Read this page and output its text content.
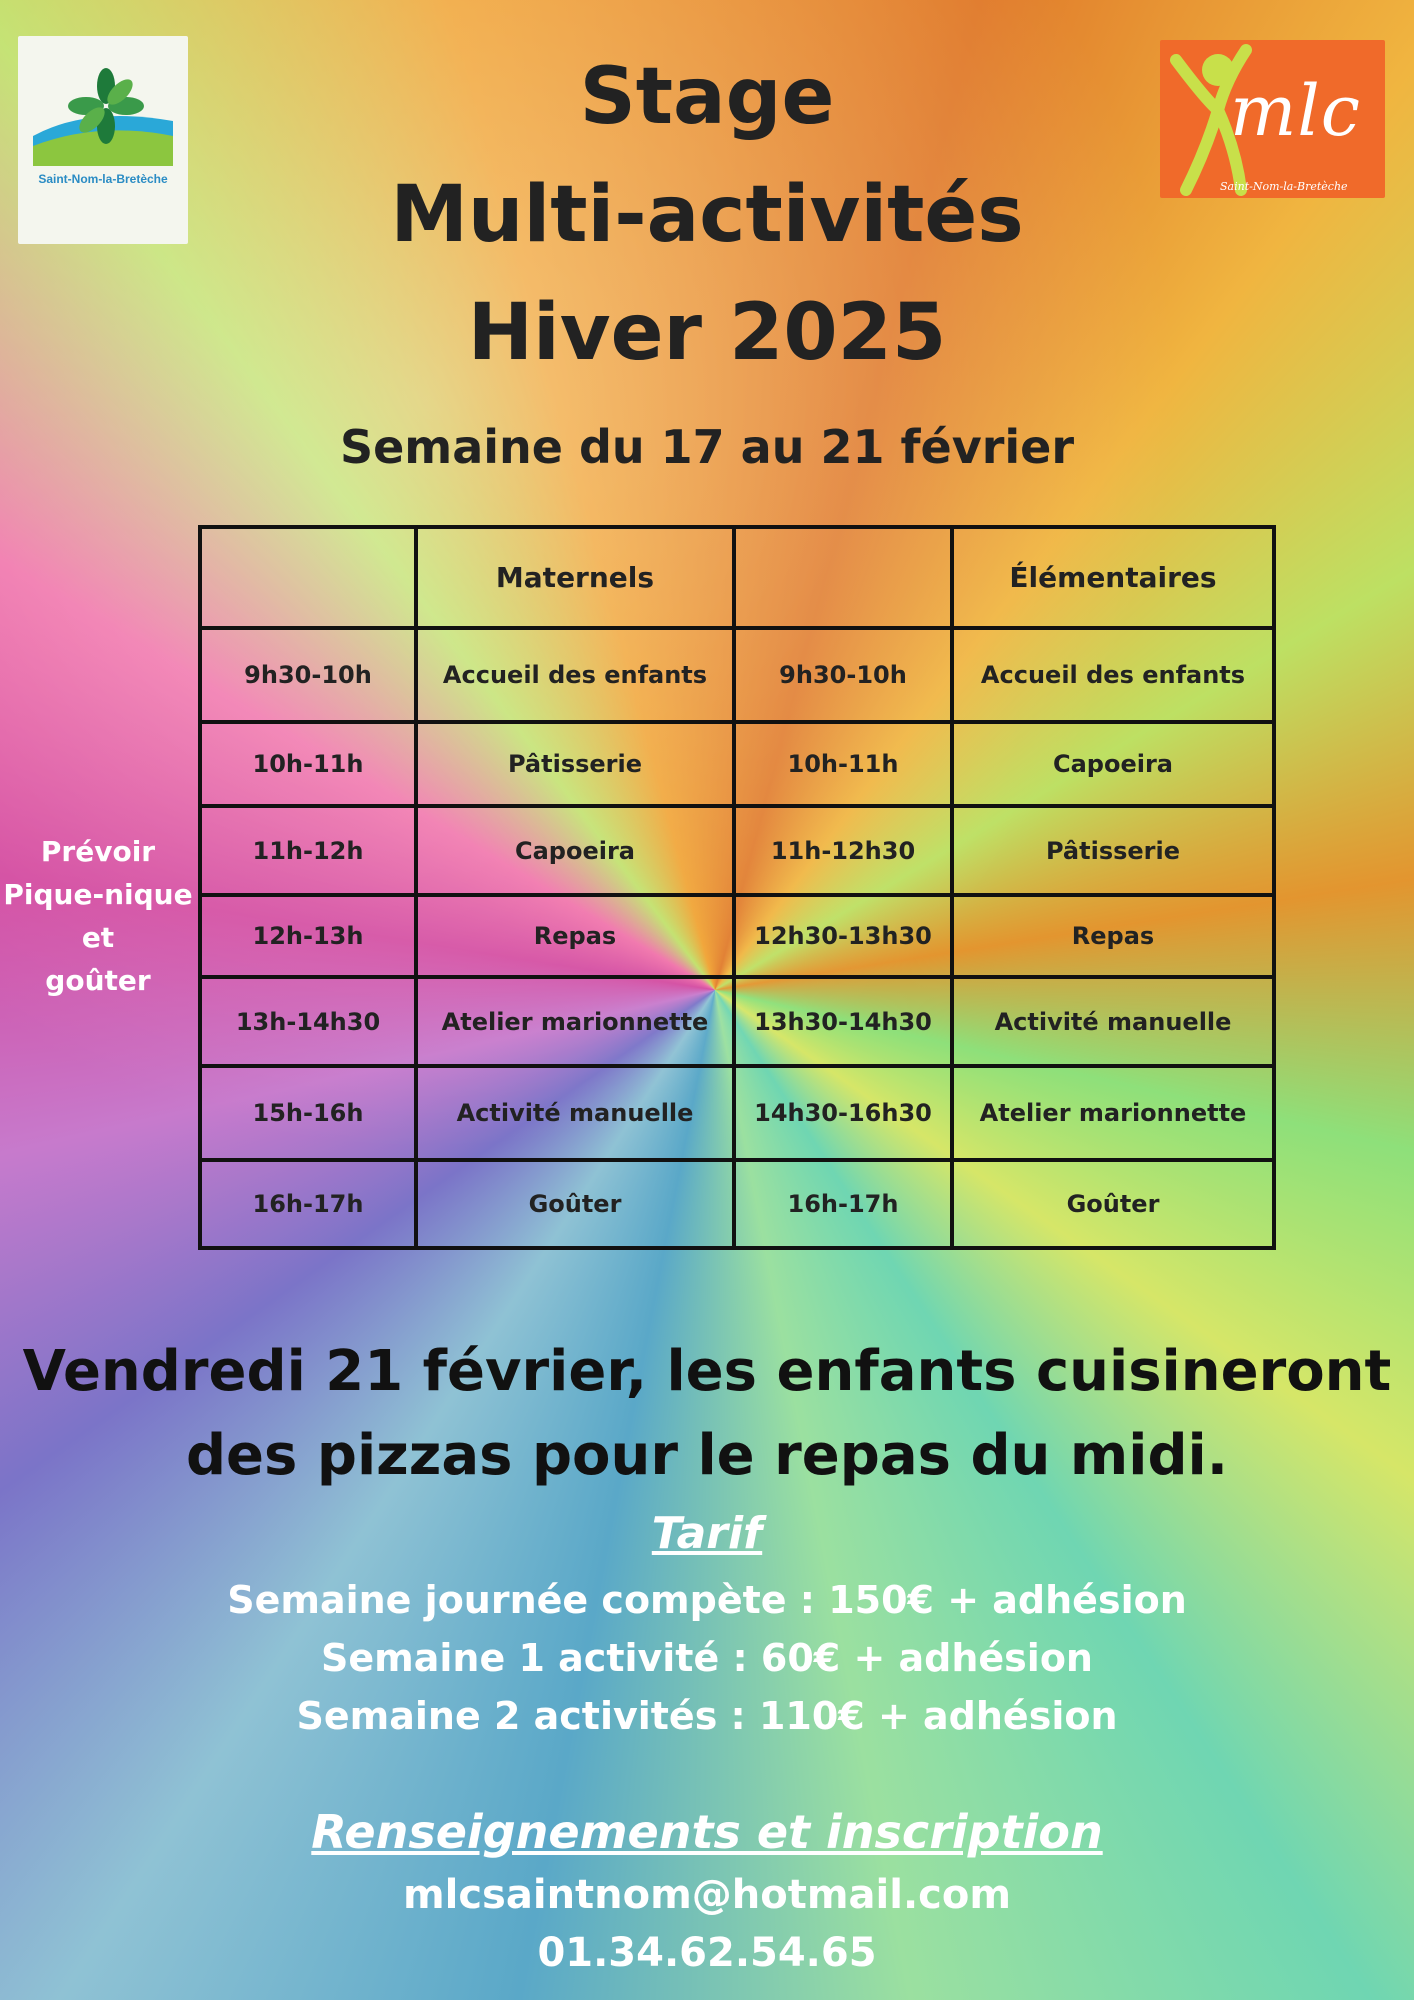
Saint-Nom-la-Bretèche
mlc
Saint-Nom-la-Bretèche
Stage
Multi-activités
Hiver 2025
Semaine du 17 au 21 février
Prévoir
Pique-nique
et
goûter
	Maternels		Élémentaires
9h30-10h	Accueil des enfants	9h30-10h	Accueil des enfants
10h-11h	Pâtisserie	10h-11h	Capoeira
11h-12h	Capoeira	11h-12h30	Pâtisserie
12h-13h	Repas	12h30-13h30	Repas
13h-14h30	Atelier marionnette	13h30-14h30	Activité manuelle
15h-16h	Activité manuelle	14h30-16h30	Atelier marionnette
16h-17h	Goûter	16h-17h	Goûter
Vendredi 21 février, les enfants cuisineront
des pizzas pour le repas du midi.
Tarif
Semaine journée compète : 150€ + adhésion
Semaine 1 activité : 60€ + adhésion
Semaine 2 activités : 110€ + adhésion
Renseignements et inscription
mlcsaintnom@hotmail.com
01.34.62.54.65
